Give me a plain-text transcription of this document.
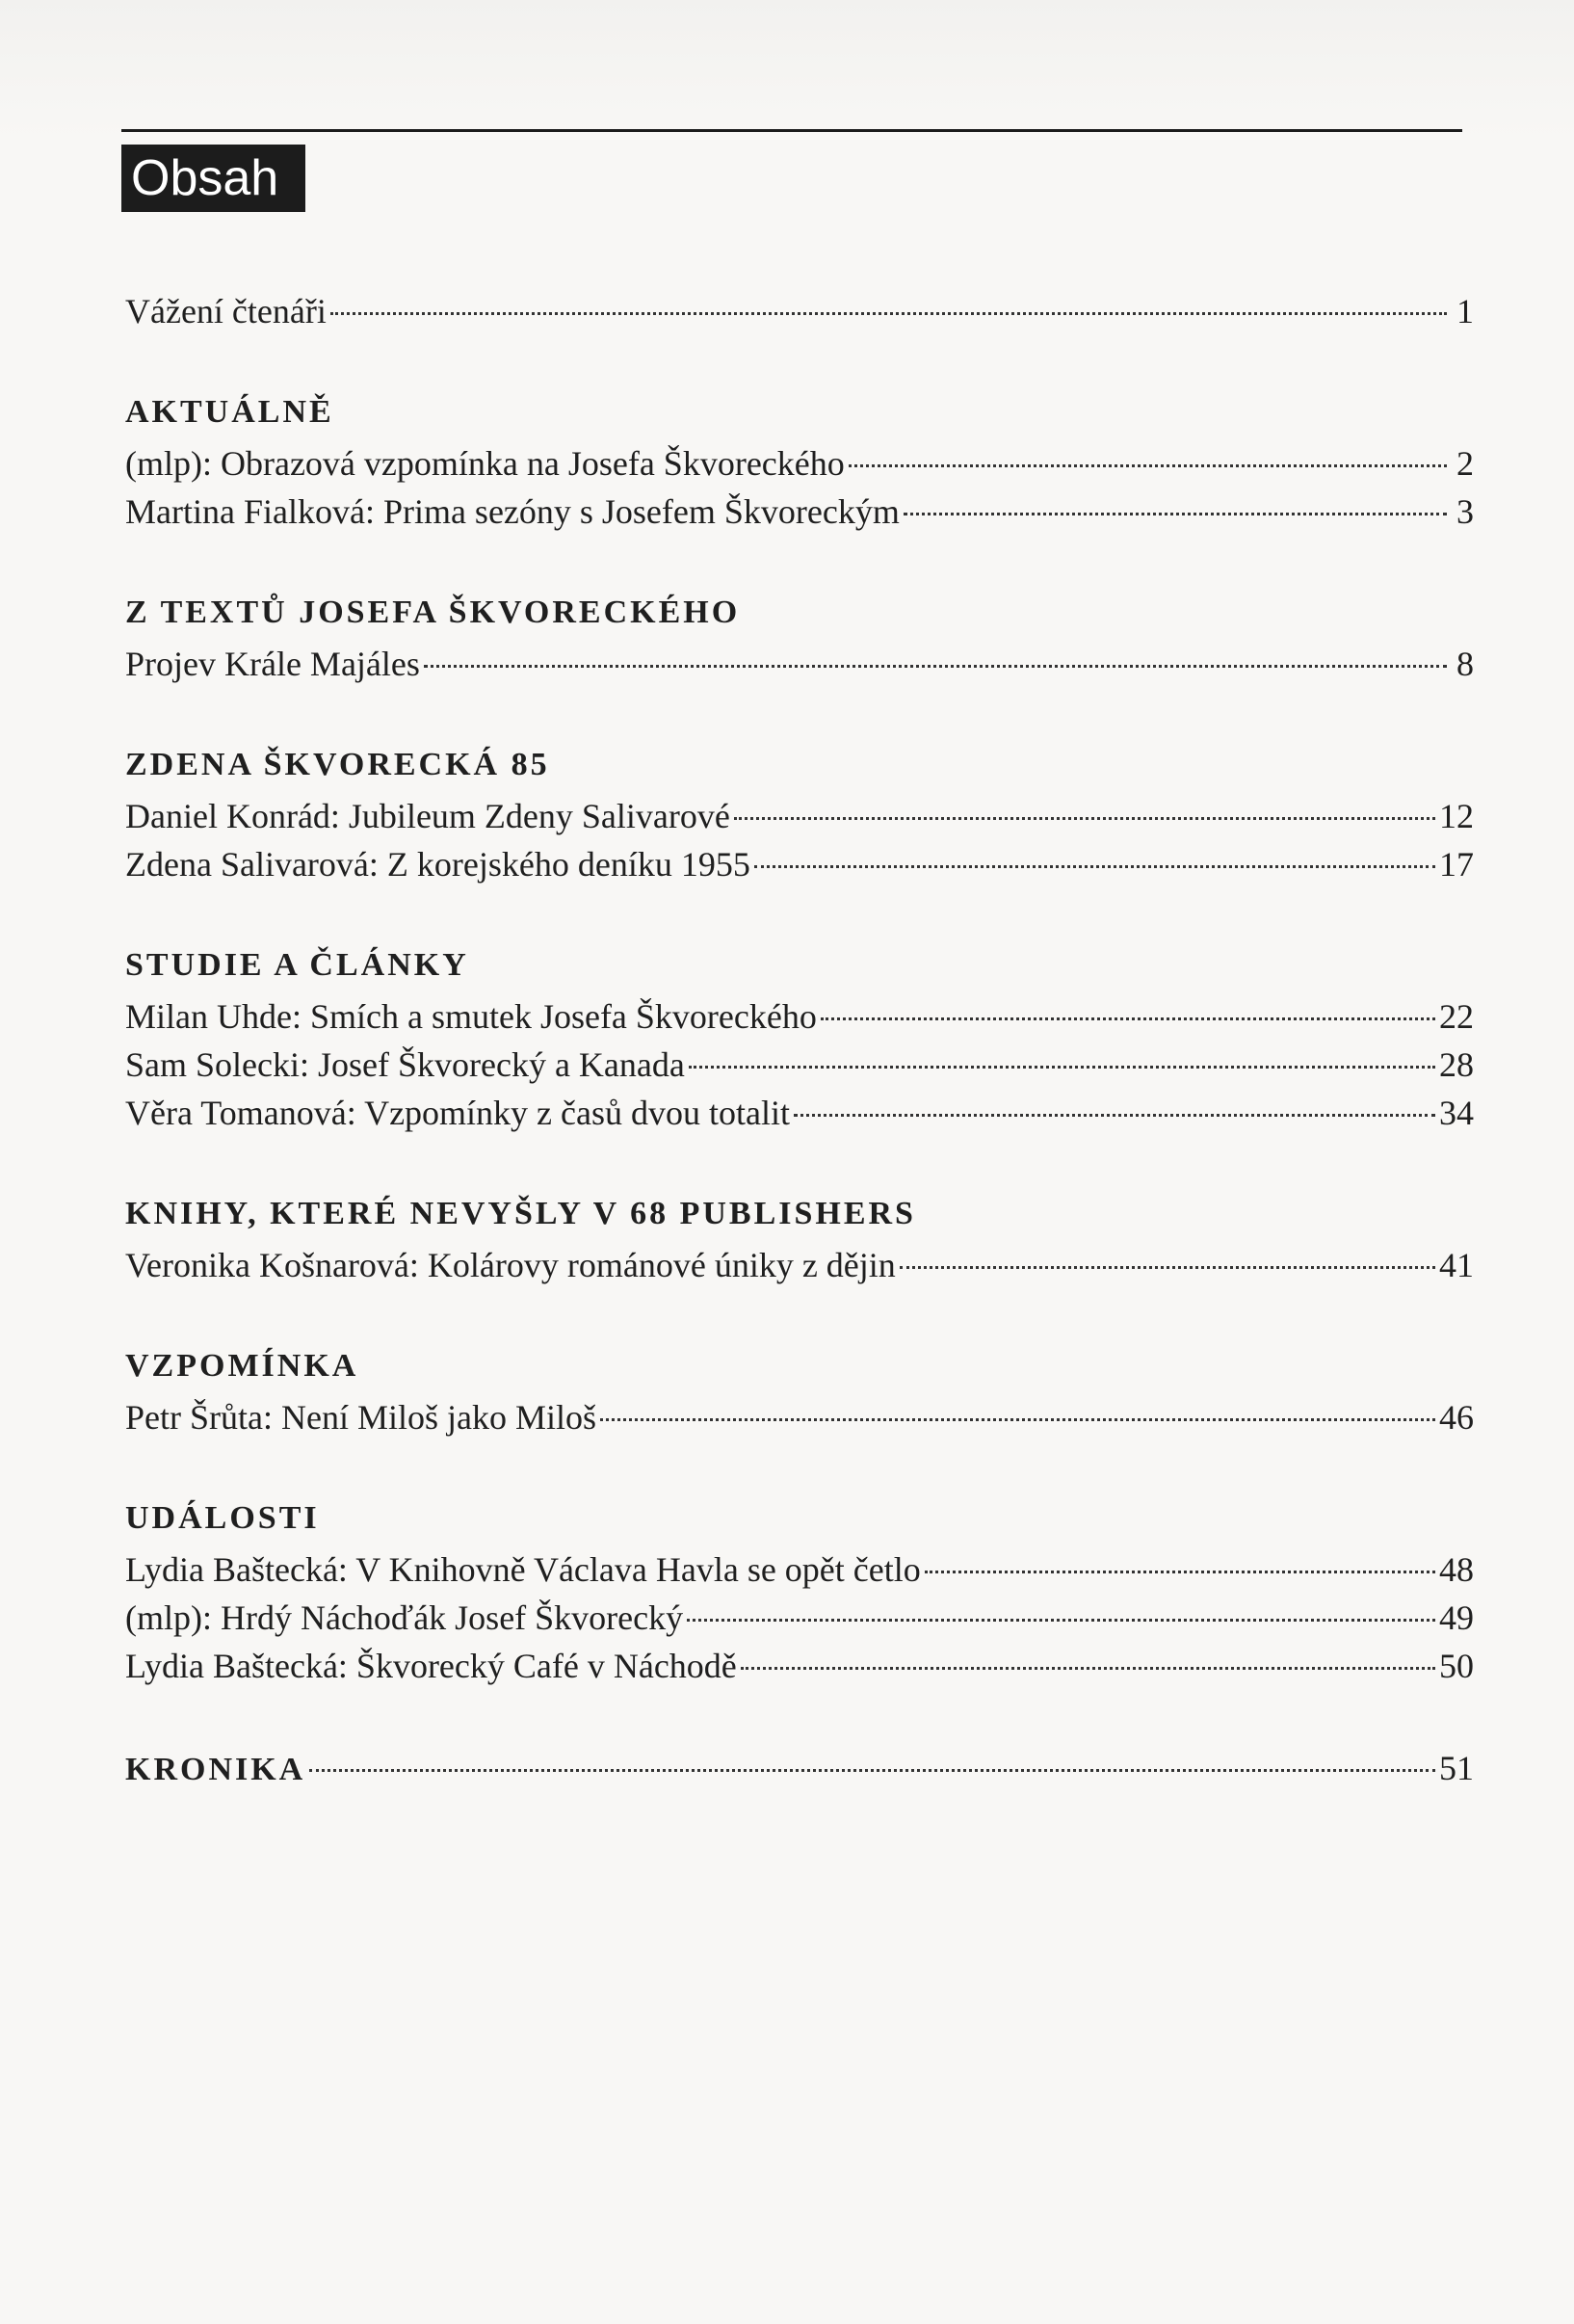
Obsah
Vážení čtenáři	1
AKTUÁLNĚ
(mlp): Obrazová vzpomínka na Josefa Škvoreckého	2
Martina Fialková: Prima sezóny s Josefem Škvoreckým	3
Z TEXTŮ JOSEFA ŠKVORECKÉHO
Projev Krále Majáles	8
ZDENA ŠKVORECKÁ 85
Daniel Konrád: Jubileum Zdeny Salivarové	12
Zdena Salivarová: Z korejského deníku 1955	17
STUDIE A ČLÁNKY
Milan Uhde: Smích a smutek Josefa Škvoreckého	22
Sam Solecki: Josef Škvorecký a Kanada	28
Věra Tomanová: Vzpomínky z časů dvou totalit	34
KNIHY, KTERÉ NEVYŠLY V 68 PUBLISHERS
Veronika Košnarová: Kolárovy románové úniky z dějin	41
VZPOMÍNKA
Petr Šrůta: Není Miloš jako Miloš	46
UDÁLOSTI
Lydia Baštecká: V Knihovně Václava Havla se opět četlo	48
(mlp): Hrdý Náchoďák Josef Škvorecký	49
Lydia Baštecká: Škvorecký Café v Náchodě	50
KRONIKA	51
